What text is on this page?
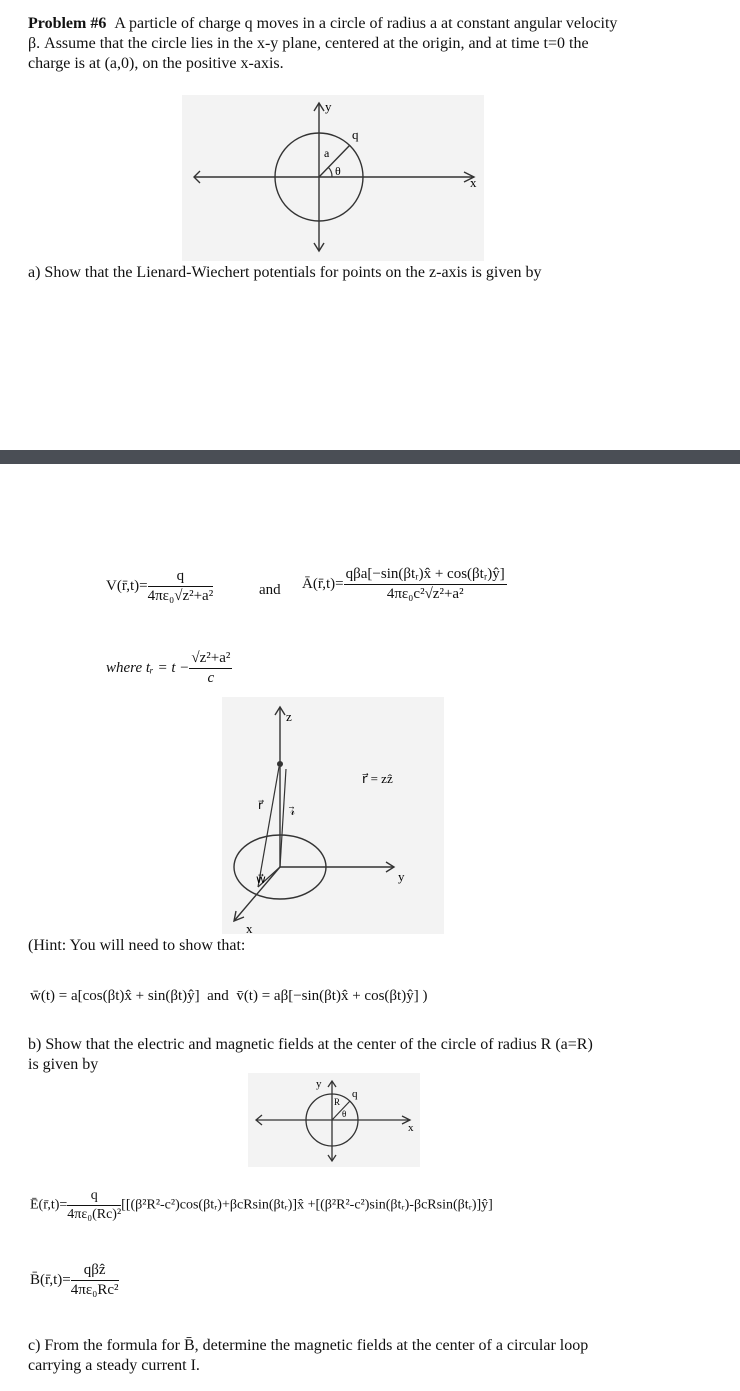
Problem #6 A particle of charge q moves in a circle of radius a at constant angular velocity
β. Assume that the circle lies in the x-y plane, centered at the origin, and at time t=0 the
charge is at (a,0), on the positive x-axis.
y
x
a
θ
q
a) Show that the Lienard-Wiechert potentials for points on the z-axis is given by
V(r̄,t)= $\frac{q}{\text{4πε₀√z²+a²}}$	and Ā(r̄,t)= $\frac{\text{qβa[−sin(βtᵣ)x̂ + cos(βtᵣ)ŷ]}}{\text{4πε₀c²√z²+a²}}$
where tᵣ = $t - \frac{\text{√z²+a²}}{c}$
z
y
x
r⃗ = zẑ
r⃗ 𝓇⃗
w⃗
(Hint: You will need to show that:
w̄(t) = a[cos(βt)x̂ + sin(βt)ŷ] and v̄(t) = aβ[−sin(βt)x̂ + cos(βt)ŷ] )
b) Show that the electric and magnetic fields at the center of the circle of radius R (a=R)
is given by
y
x
R
θ
q
Ē(r̄,t)= $\frac{q}{\text{4πε₀(Rc)²}}$ [[(β²R²-c²)cos(βtᵣ)+βcRsin(βtᵣ)]x̂ +[(β²R²-c²)sin(βtᵣ)-βcRsin(βtᵣ)]ŷ]
B̄(r̄,t)= $\frac{\text{qβẑ}}{\text{4πε₀Rc²}}$
c) From the formula for B̄, determine the magnetic fields at the center of a circular loop
carrying a steady current I.
